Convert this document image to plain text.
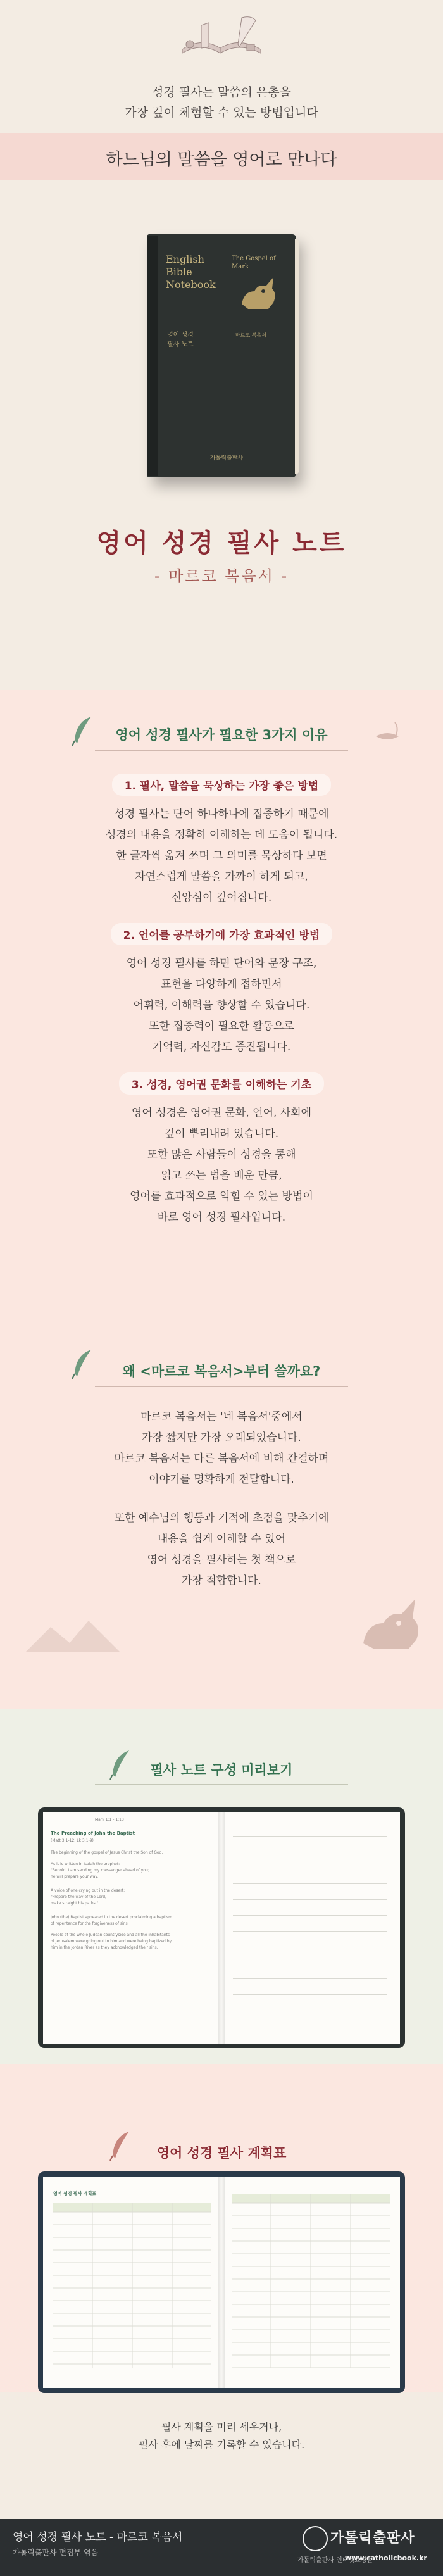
성경 필사는 말씀의 은총을
가장 깊이 체험할 수 있는 방법입니다
하느님의 말씀을 영어로 만나다
English
Bible
Notebook
The Gospel of
Mark
영어 성경
필사 노트
마르코 복음서
가톨릭출판사
영어 성경 필사 노트
- 마르코 복음서 -
영어 성경 필사가 필요한 3가지 이유
1. 필사, 말씀을 묵상하는 가장 좋은 방법
성경 필사는 단어 하나하나에 집중하기 때문에
성경의 내용을 정확히 이해하는 데 도움이 됩니다.
한 글자씩 옮겨 쓰며 그 의미를 묵상하다 보면
자연스럽게 말씀을 가까이 하게 되고,
신앙심이 깊어집니다.
2. 언어를 공부하기에 가장 효과적인 방법
영어 성경 필사를 하면 단어와 문장 구조,
표현을 다양하게 접하면서
어휘력, 이해력을 향상할 수 있습니다.
또한 집중력이 필요한 활동으로
기억력, 자신감도 증진됩니다.
3. 성경, 영어권 문화를 이해하는 기초
영어 성경은 영어권 문화, 언어, 사회에
깊이 뿌리내려 있습니다.
또한 많은 사람들이 성경을 통해
읽고 쓰는 법을 배운 만큼,
영어를 효과적으로 익힐 수 있는 방법이
바로 영어 성경 필사입니다.
왜 <마르코 복음서>부터 쓸까요?
마르코 복음서는 '네 복음서'중에서
가장 짧지만 가장 오래되었습니다.
마르코 복음서는 다른 복음서에 비해 간결하며
이야기를 명확하게 전달합니다.
또한 예수님의 행동과 기적에 초점을 맞추기에
내용을 쉽게 이해할 수 있어
영어 성경을 필사하는 첫 책으로
가장 적합합니다.
필사 노트 구성 미리보기
Mark 1:1 - 1:13
The Preaching of John the Baptist
(Matt 3:1-12; Lk 3:1-9)
The beginning of the gospel of Jesus Christ the Son of God.
As it is written in Isaiah the prophet:
"Behold, I am sending my messenger ahead of you;
he will prepare your way.
A voice of one crying out in the desert:
"Prepare the way of the Lord,
make straight his paths."
John (the) Baptist appeared in the desert proclaiming a baptism
of repentance for the forgiveness of sins.
People of the whole Judean countryside and all the inhabitants
of Jerusalem were going out to him and were being baptized by
him in the Jordan River as they acknowledged their sins.
영어 성경 필사 계획표
영어 성경 필사 계획표
필사 계획을 미리 세우거나,
필사 후에 날짜를 기록할 수 있습니다.
영어 성경 필사 노트 - 마르코 복음서
가톨릭출판사 편집부 엮음
가톨릭출판사
가톨릭출판사 인터넷쇼핑몰
www.catholicbook.kr
